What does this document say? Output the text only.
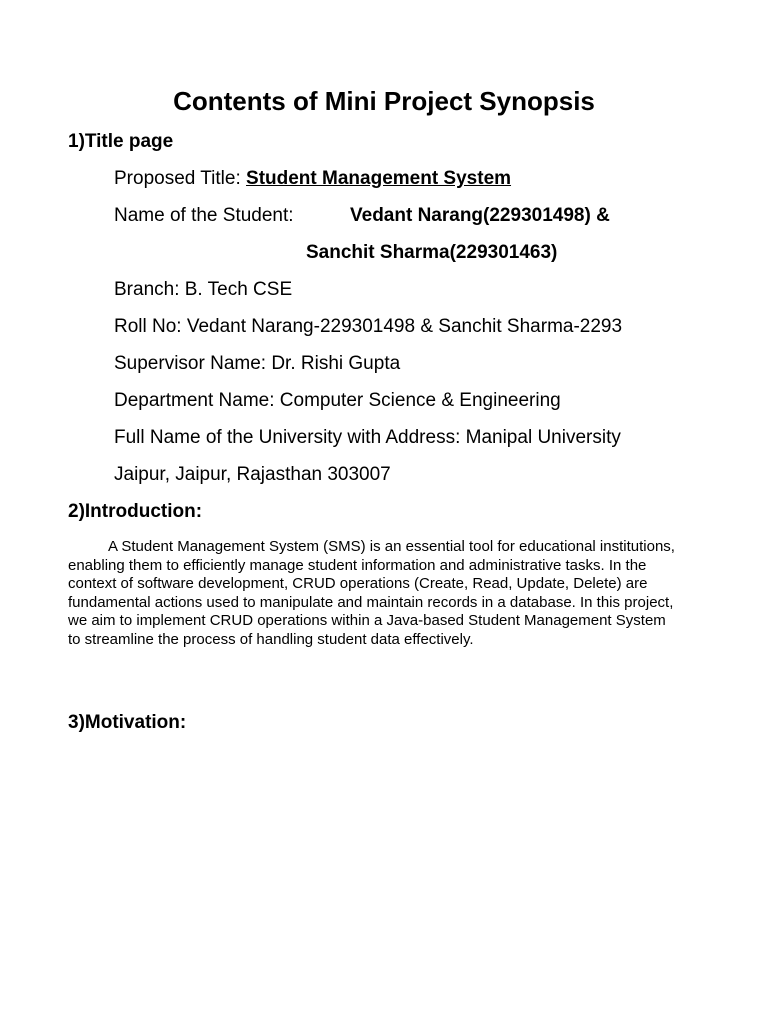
Contents of Mini Project Synopsis
1)Title page
Proposed Title: Student Management System
Name of the Student:	Vedant Narang(229301498) &
Sanchit Sharma(229301463)
Branch: B. Tech CSE
Roll No: Vedant Narang-229301498 & Sanchit Sharma-2293
Supervisor Name: Dr. Rishi Gupta
Department Name: Computer Science & Engineering
Full Name of the University with Address: Manipal University
Jaipur, Jaipur, Rajasthan 303007
2)Introduction:

A Student Management System (SMS) is an essential tool for educational institutions, enabling them to efficiently manage student information and administrative tasks. In the context of software development, CRUD operations (Create, Read, Update, Delete) are fundamental actions used to manipulate and maintain records in a database. In this project, we aim to implement CRUD operations within a Java-based Student Management System to streamline the process of handling student data effectively.

3)Motivation:
